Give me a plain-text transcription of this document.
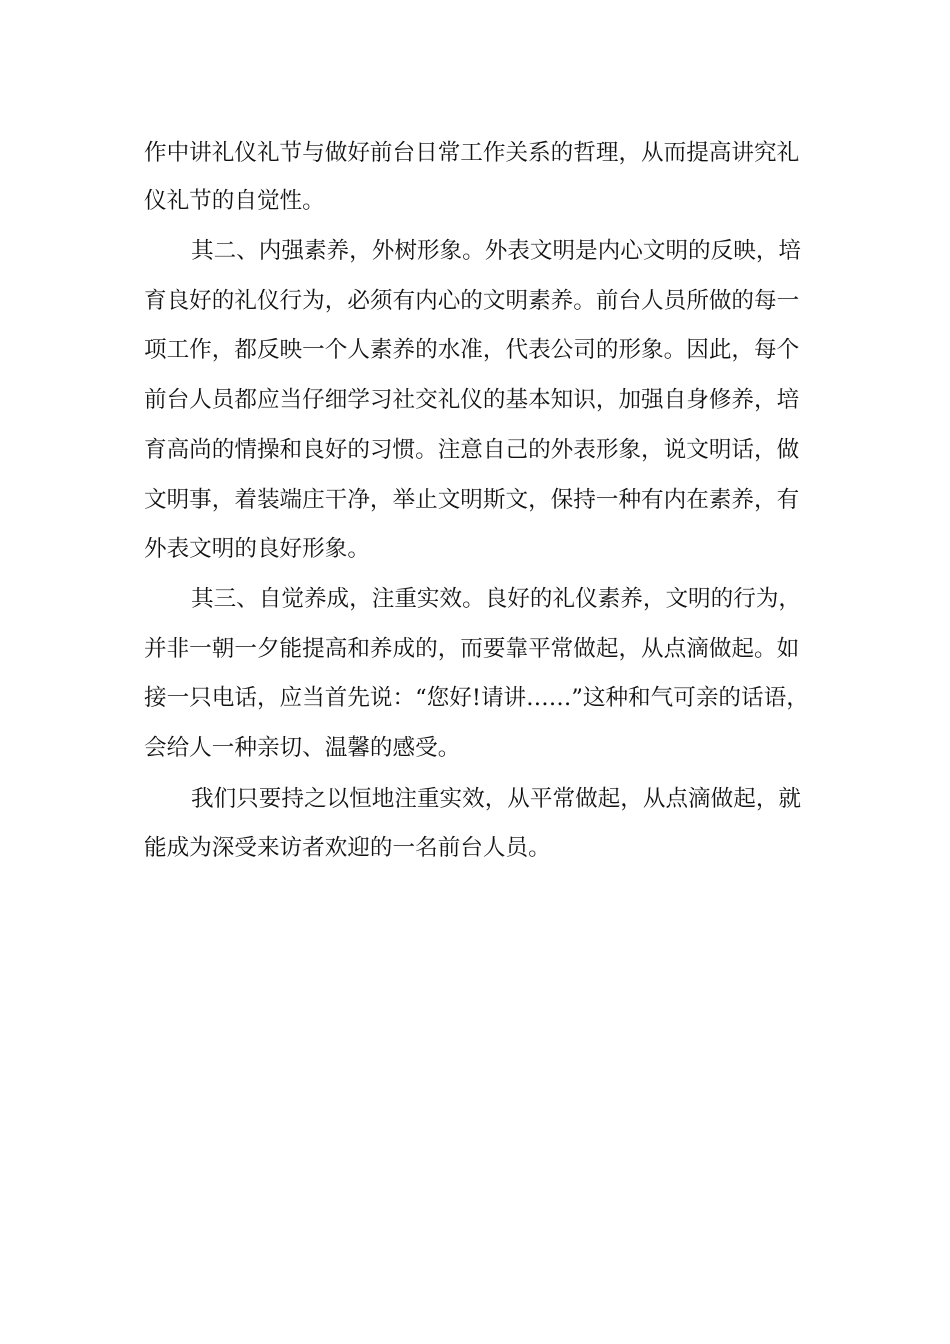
作中讲礼仪礼节与做好前台日常工作关系的哲理，从而提高讲究礼
仪礼节的自觉性。
其二、内强素养，外树形象。外表文明是内心文明的反映，培
育良好的礼仪行为，必须有内心的文明素养。前台人员所做的每一
项工作，都反映一个人素养的水准，代表公司的形象。因此，每个
前台人员都应当仔细学习社交礼仪的基本知识，加强自身修养，培
育高尚的情操和良好的习惯。注意自己的外表形象，说文明话，做
文明事，着装端庄干净，举止文明斯文，保持一种有内在素养，有
外表文明的良好形象。
其三、自觉养成，注重实效。良好的礼仪素养，文明的行为，
并非一朝一夕能提高和养成的，而要靠平常做起，从点滴做起。如
接一只电话，应当首先说：“您好!请讲……”这种和气可亲的话语，
会给人一种亲切、温馨的感受。
我们只要持之以恒地注重实效，从平常做起，从点滴做起，就
能成为深受来访者欢迎的一名前台人员。
